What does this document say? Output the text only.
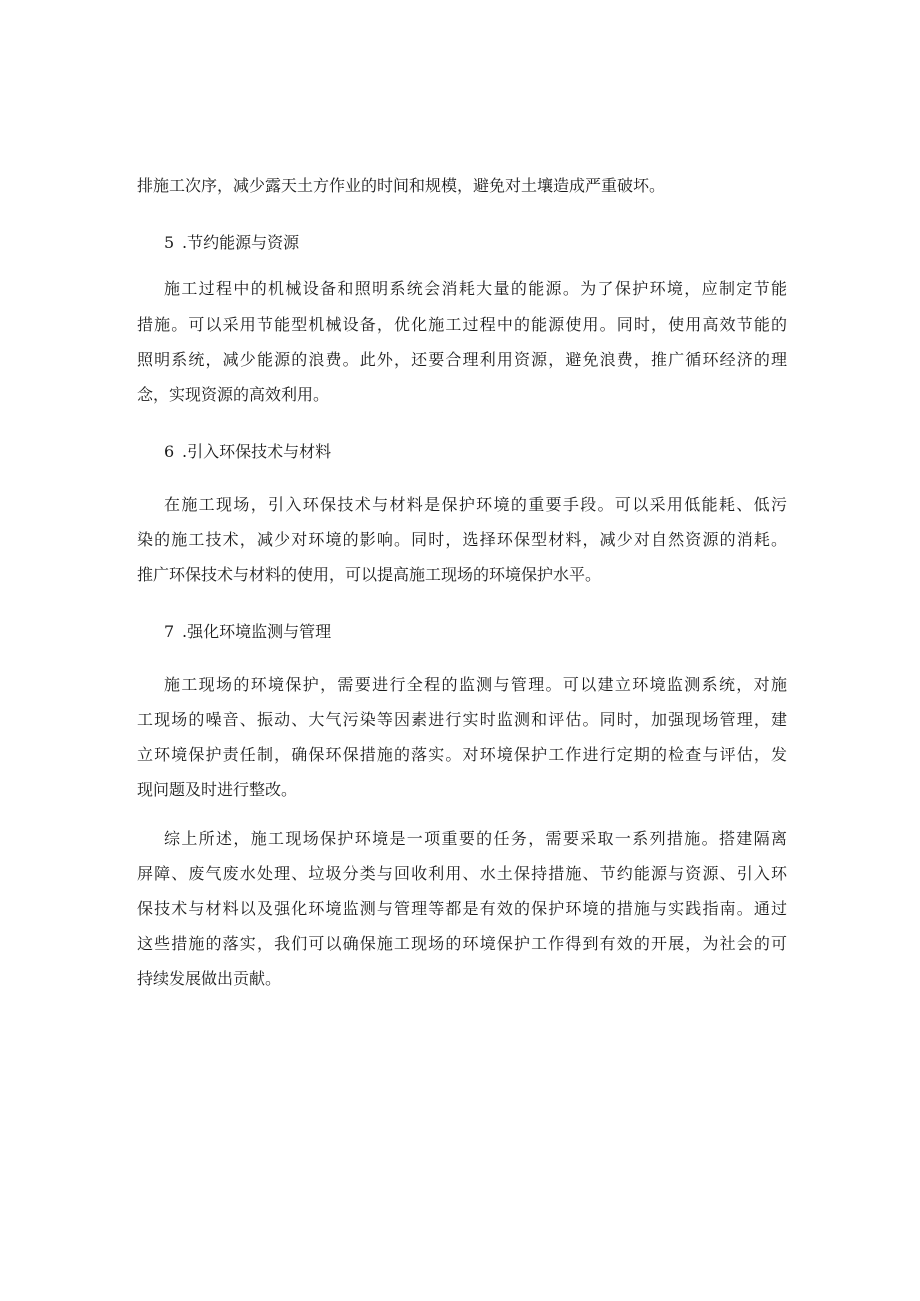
排施工次序，减少露天土方作业的时间和规模，避免对土壤造成严重破坏。
5 .节约能源与资源
施工过程中的机械设备和照明系统会消耗大量的能源。为了保护环境，应制定节能
措施。可以采用节能型机械设备，优化施工过程中的能源使用。同时，使用高效节能的
照明系统，减少能源的浪费。此外，还要合理利用资源，避免浪费，推广循环经济的理
念，实现资源的高效利用。
6 .引入环保技术与材料
在施工现场，引入环保技术与材料是保护环境的重要手段。可以采用低能耗、低污
染的施工技术，减少对环境的影响。同时，选择环保型材料，减少对自然资源的消耗。
推广环保技术与材料的使用，可以提高施工现场的环境保护水平。
7 .强化环境监测与管理
施工现场的环境保护，需要进行全程的监测与管理。可以建立环境监测系统，对施
工现场的噪音、振动、大气污染等因素进行实时监测和评估。同时，加强现场管理，建
立环境保护责任制，确保环保措施的落实。对环境保护工作进行定期的检查与评估，发
现问题及时进行整改。
综上所述，施工现场保护环境是一项重要的任务，需要采取一系列措施。搭建隔离
屏障、废气废水处理、垃圾分类与回收利用、水土保持措施、节约能源与资源、引入环
保技术与材料以及强化环境监测与管理等都是有效的保护环境的措施与实践指南。通过
这些措施的落实，我们可以确保施工现场的环境保护工作得到有效的开展，为社会的可
持续发展做出贡献。
